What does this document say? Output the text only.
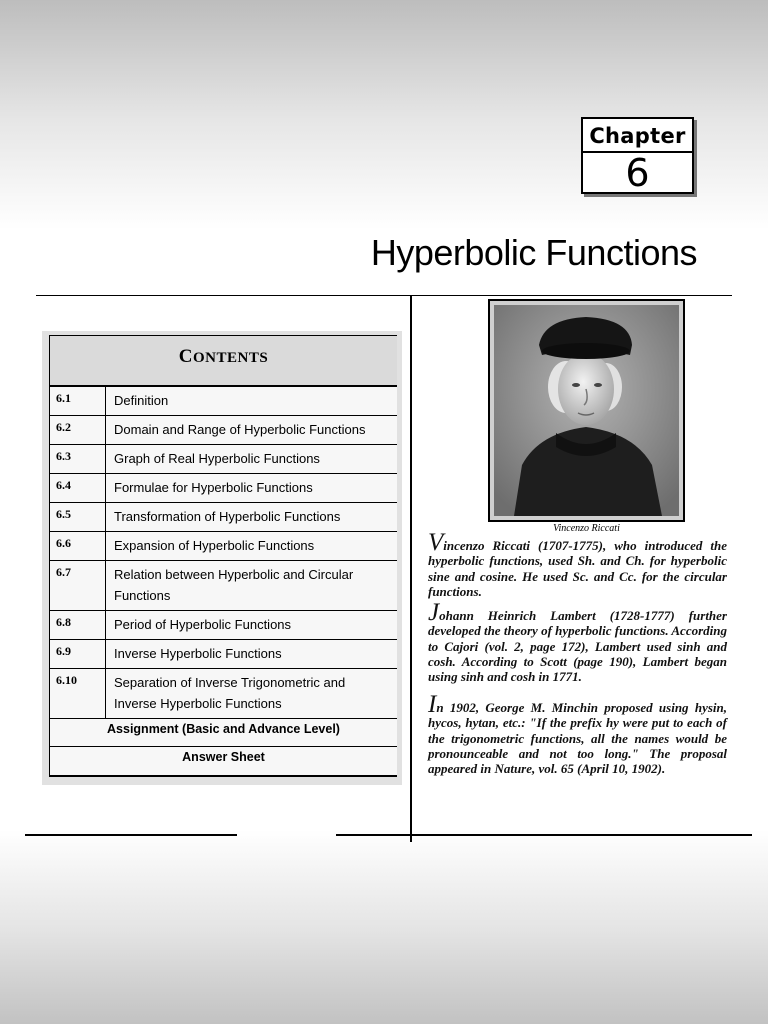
Chapter
6
Hyperbolic Functions
CONTENTS
6.1	Definition
6.2	Domain and Range of Hyperbolic Functions
6.3	Graph of Real Hyperbolic Functions
6.4	Formulae for Hyperbolic Functions
6.5	Transformation of Hyperbolic Functions
6.6	Expansion of Hyperbolic Functions
6.7	Relation between Hyperbolic and Circular Functions
6.8	Period of Hyperbolic Functions
6.9	Inverse Hyperbolic Functions
6.10	Separation of Inverse Trigonometric and Inverse Hyperbolic Functions
Assignment (Basic and Advance Level)
Answer Sheet
Vincenzo Riccati
Vincenzo Riccati (1707-1775), who introduced the hyperbolic functions, used Sh. and Ch. for hyperbolic sine and cosine. He used Sc. and Cc. for the circular functions.
Johann Heinrich Lambert (1728-1777) further developed the theory of hyperbolic functions. According to Cajori (vol. 2, page 172), Lambert used sinh and cosh. According to Scott (page 190), Lambert began using sinh and cosh in 1771.
In 1902, George M. Minchin proposed using hysin, hycos, hytan, etc.: "If the prefix hy were put to each of the trigonometric functions, all the names would be pronounceable and not too long." The proposal appeared in Nature, vol. 65 (April 10, 1902).
